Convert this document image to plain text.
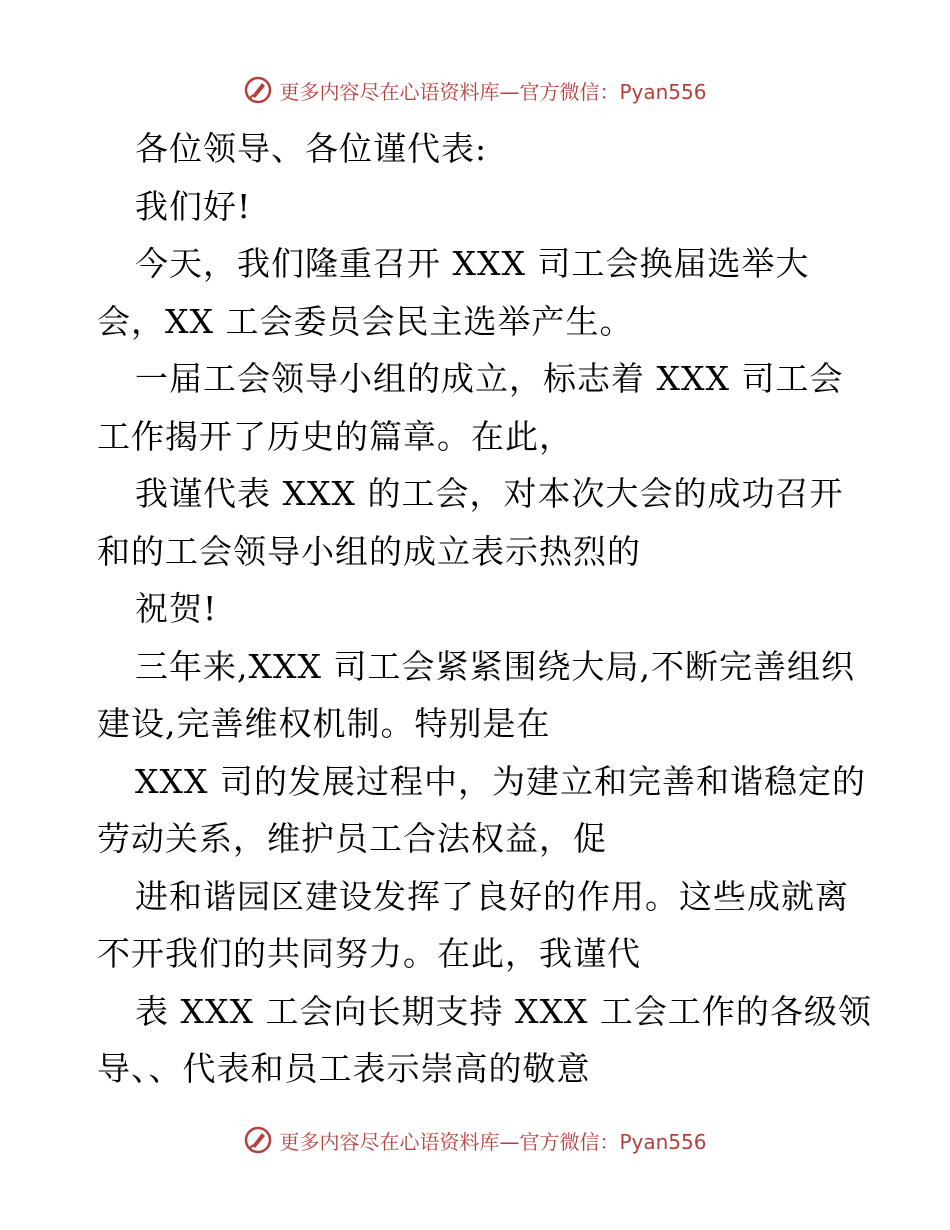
更多内容尽在心语资料库—官方微信：Pyan556
各位领导、各位谨代表:
我们好!
今天，我们隆重召开 XXX 司工会换届选举大
会，XX 工会委员会民主选举产生。
一届工会领导小组的成立，标志着 XXX 司工会
工作揭开了历史的篇章。在此，
我谨代表 XXX 的工会，对本次大会的成功召开
和的工会领导小组的成立表示热烈的
祝贺!
三年来,XXX 司工会紧紧围绕大局,不断完善组织
建设,完善维权机制。特别是在
XXX 司的发展过程中，为建立和完善和谐稳定的
劳动关系，维护员工合法权益，促
进和谐园区建设发挥了良好的作用。这些成就离
不开我们的共同努力。在此，我谨代
表 XXX 工会向长期支持 XXX 工会工作的各级领
导、、代表和员工表示崇高的敬意
更多内容尽在心语资料库—官方微信：Pyan556
